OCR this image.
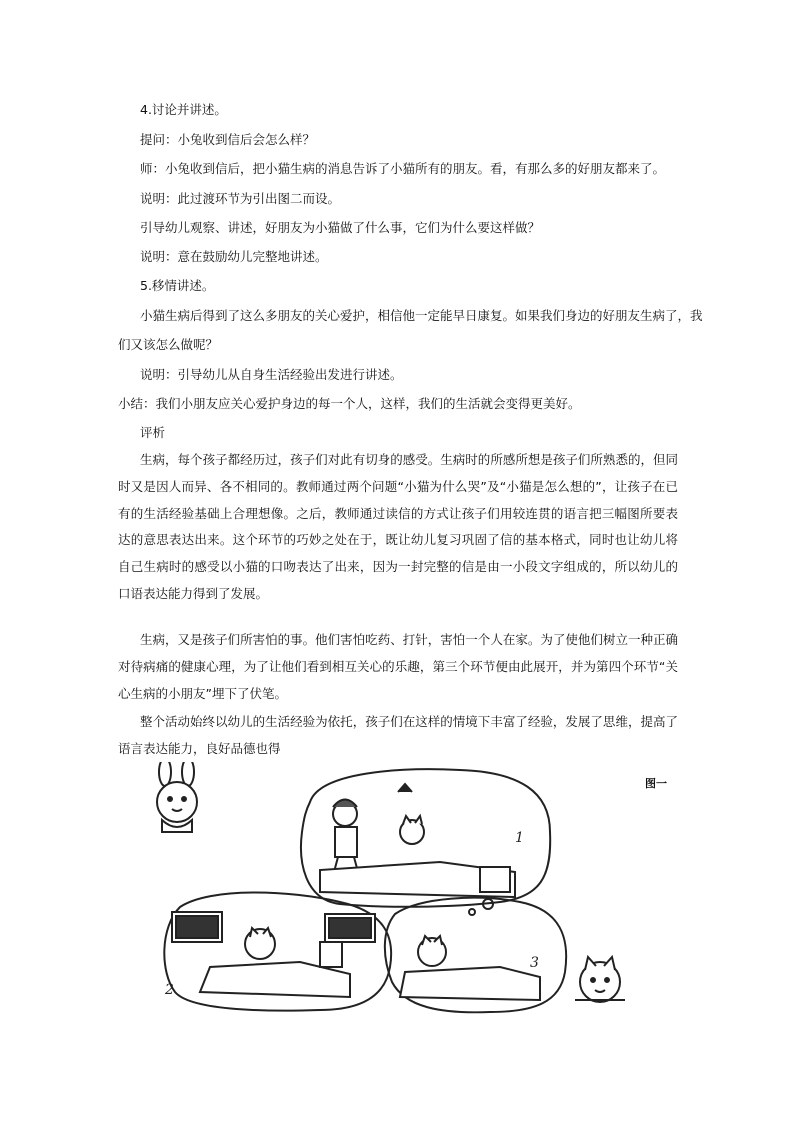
4.讨论并讲述。
提问：小兔收到信后会怎么样？
师：小兔收到信后，把小猫生病的消息告诉了小猫所有的朋友。看，有那么多的好朋友都来了。
说明：此过渡环节为引出图二而设。
引导幼儿观察、讲述，好朋友为小猫做了什么事，它们为什么要这样做？
说明：意在鼓励幼儿完整地讲述。
5.移情讲述。
小猫生病后得到了这么多朋友的关心爱护，相信他一定能早日康复。如果我们身边的好朋友生病了，我
们又该怎么做呢？
说明：引导幼儿从自身生活经验出发进行讲述。
小结：我们小朋友应关心爱护身边的每一个人，这样，我们的生活就会变得更美好。
评析

生病，每个孩子都经历过，孩子们对此有切身的感受。生病时的所感所想是孩子们所熟悉的，但同时又是因人而异、各不相同的。教师通过两个问题“小猫为什么哭”及“小猫是怎么想的”，让孩子在已有的生活经验基础上合理想像。之后，教师通过读信的方式让孩子们用较连贯的语言把三幅图所要表达的意思表达出来。这个环节的巧妙之处在于，既让幼儿复习巩固了信的基本格式，同时也让幼儿将自己生病时的感受以小猫的口吻表达了出来，因为一封完整的信是由一小段文字组成的，所以幼儿的口语表达能力得到了发展。

生病，又是孩子们所害怕的事。他们害怕吃药、打针，害怕一个人在家。为了使他们树立一种正确对待病痛的健康心理，为了让他们看到相互关心的乐趣，第三个环节便由此展开，并为第四个环节“关心生病的小朋友”埋下了伏笔。

整个活动始终以幼儿的生活经验为依托，孩子们在这样的情境下丰富了经验，发展了思维，提高了语言表达能力，良好品德也得

图一
1
2
3
